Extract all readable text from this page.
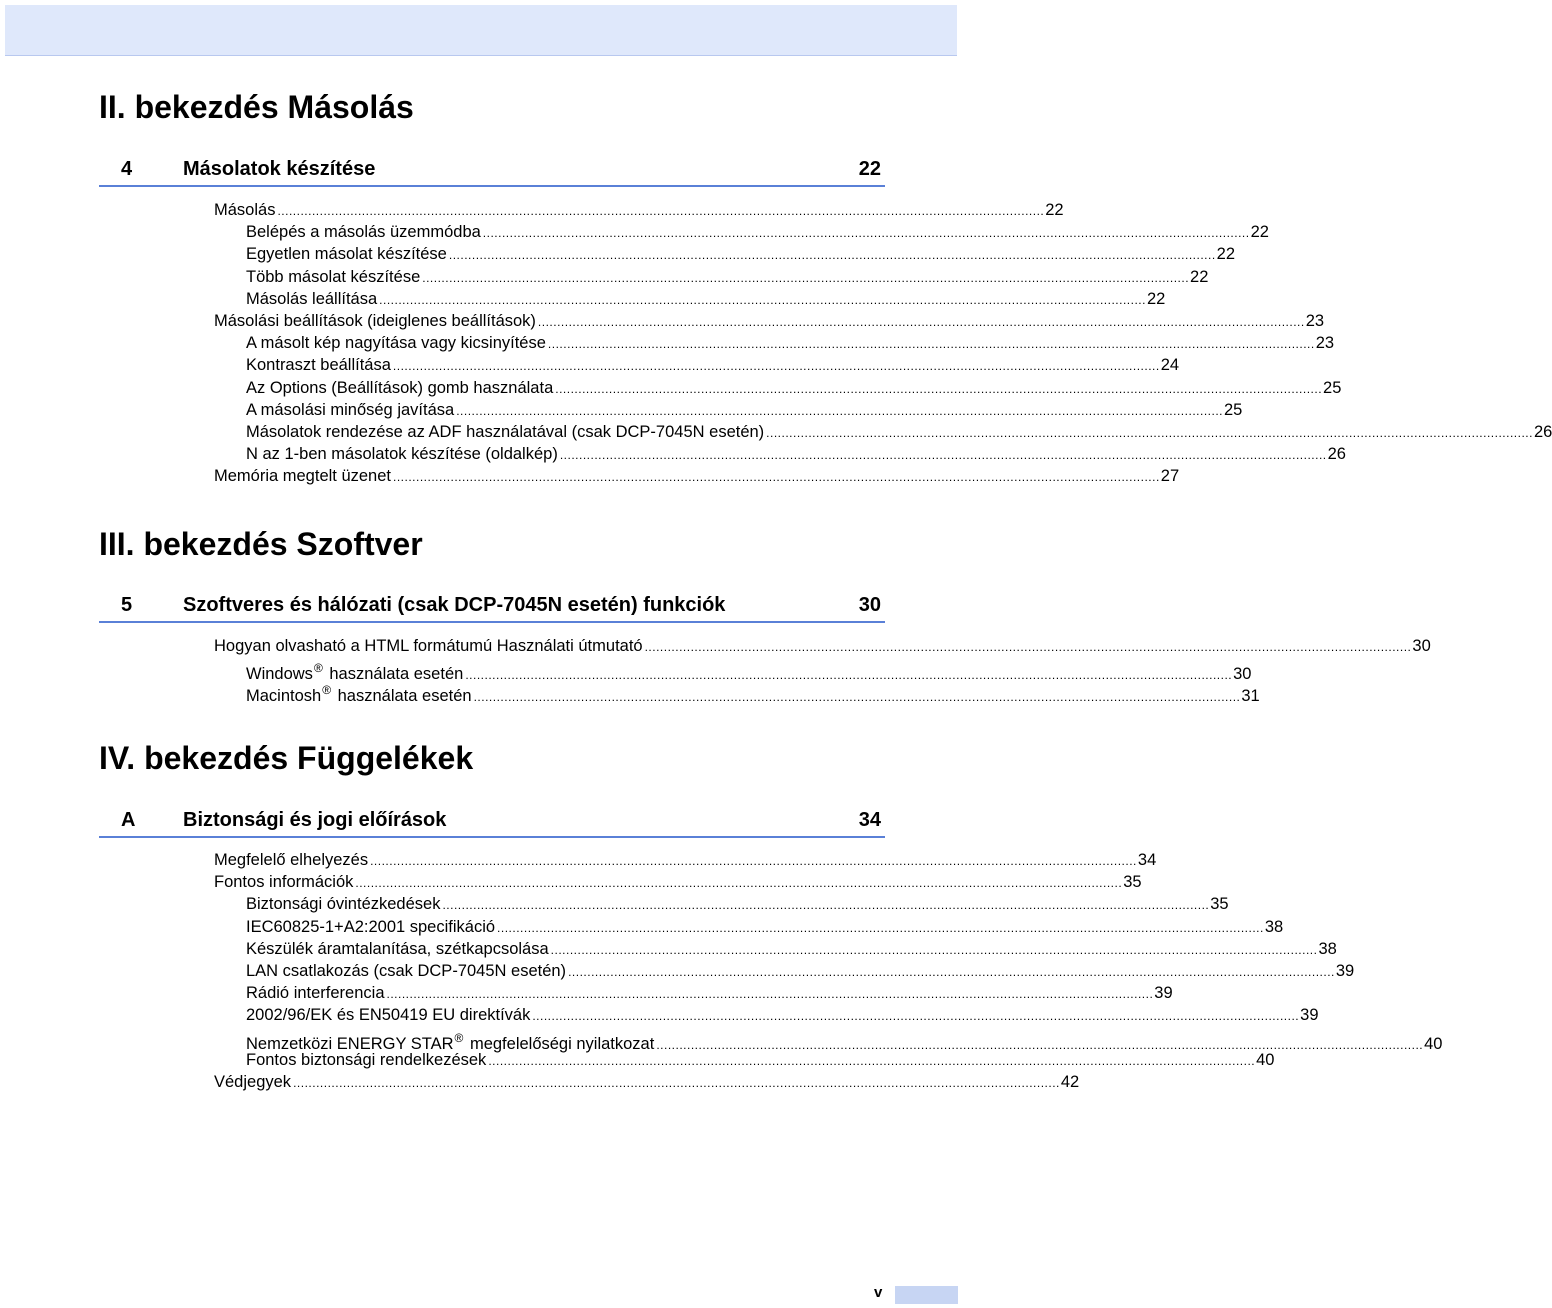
II. bekezdés Másolás
4	Másolatok készítése	22
Másolás ........................................................................................................................................................................................................ 22
Belépés a másolás üzemmódba ........................................................................................................................................................................................................ 22
Egyetlen másolat készítése ........................................................................................................................................................................................................ 22
Több másolat készítése ........................................................................................................................................................................................................ 22
Másolás leállítása ........................................................................................................................................................................................................ 22
Másolási beállítások (ideiglenes beállítások) ........................................................................................................................................................................................................ 23
A másolt kép nagyítása vagy kicsinyítése ........................................................................................................................................................................................................ 23
Kontraszt beállítása ........................................................................................................................................................................................................ 24
Az Options (Beállítások) gomb használata ........................................................................................................................................................................................................ 25
A másolási minőség javítása ........................................................................................................................................................................................................ 25
Másolatok rendezése az ADF használatával (csak DCP-7045N esetén) ........................................................................................................................................................................................................ 26
N az 1-ben másolatok készítése (oldalkép) ........................................................................................................................................................................................................ 26
Memória megtelt üzenet ........................................................................................................................................................................................................ 27
III. bekezdés Szoftver
5	Szoftveres és hálózati (csak DCP-7045N esetén) funkciók	30
Hogyan olvasható a HTML formátumú Használati útmutató ........................................................................................................................................................................................................ 30
Windows® használata esetén ........................................................................................................................................................................................................ 30
Macintosh® használata esetén ........................................................................................................................................................................................................ 31
IV. bekezdés Függelékek
A Biztonsági és jogi előírások	34
Megfelelő elhelyezés ........................................................................................................................................................................................................ 34
Fontos információk ........................................................................................................................................................................................................ 35
Biztonsági óvintézkedések ........................................................................................................................................................................................................ 35
IEC60825-1+A2:2001 specifikáció ........................................................................................................................................................................................................ 38
Készülék áramtalanítása, szétkapcsolása ........................................................................................................................................................................................................ 38
LAN csatlakozás (csak DCP-7045N esetén) ........................................................................................................................................................................................................ 39
Rádió interferencia ........................................................................................................................................................................................................ 39
2002/96/EK és EN50419 EU direktívák ........................................................................................................................................................................................................ 39
Nemzetközi ENERGY STAR® megfelelőségi nyilatkozat ........................................................................................................................................................................................................ 40
Fontos biztonsági rendelkezések ........................................................................................................................................................................................................ 40
Védjegyek ........................................................................................................................................................................................................ 42
v
